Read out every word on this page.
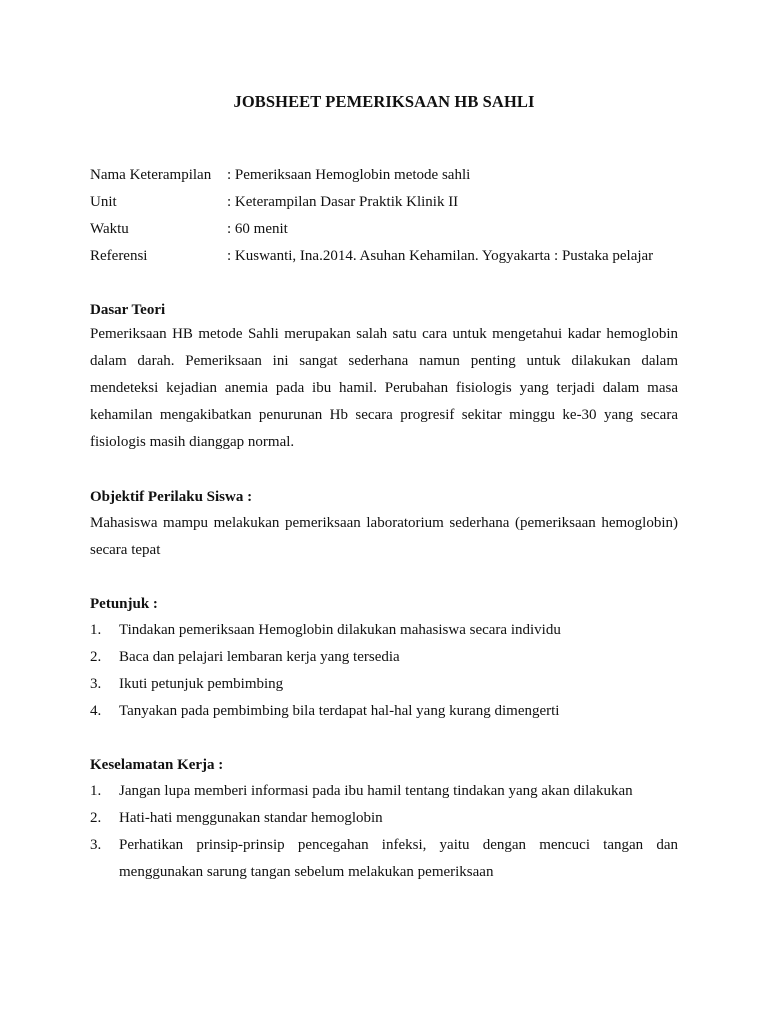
JOBSHEET PEMERIKSAAN HB SAHLI
Nama Keterampilan : Pemeriksaan Hemoglobin metode sahli
Unit	: Keterampilan Dasar Praktik Klinik II
Waktu	: 60 menit
Referensi	: Kuswanti, Ina.2014. Asuhan Kehamilan. Yogyakarta : Pustaka pelajar
Dasar Teori
Pemeriksaan HB metode Sahli merupakan salah satu cara untuk mengetahui kadar hemoglobin dalam darah. Pemeriksaan ini sangat sederhana namun penting untuk dilakukan dalam mendeteksi kejadian anemia pada ibu hamil. Perubahan fisiologis yang terjadi dalam masa kehamilan mengakibatkan penurunan Hb secara progresif sekitar minggu ke-30 yang secara fisiologis masih dianggap normal.
Objektif Perilaku Siswa :
Mahasiswa mampu melakukan pemeriksaan laboratorium sederhana (pemeriksaan hemoglobin) secara tepat
Petunjuk :
1. Tindakan pemeriksaan Hemoglobin dilakukan mahasiswa secara individu
2. Baca dan pelajari lembaran kerja yang tersedia
3. Ikuti petunjuk pembimbing
4. Tanyakan pada pembimbing bila terdapat hal-hal yang kurang dimengerti
Keselamatan Kerja :
1. Jangan lupa memberi informasi pada ibu hamil tentang tindakan yang akan dilakukan
2. Hati-hati menggunakan standar hemoglobin
3. Perhatikan prinsip-prinsip pencegahan infeksi, yaitu dengan mencuci tangan dan menggunakan sarung tangan sebelum melakukan pemeriksaan
